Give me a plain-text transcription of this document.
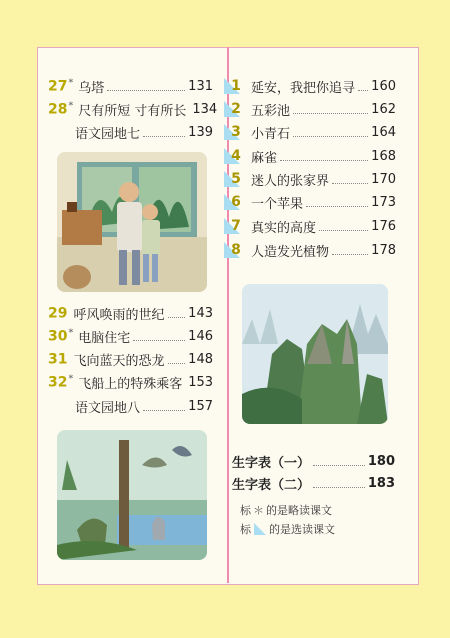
27* 乌塔	131
28* 尺有所短 寸有所长 134
语文园地七	139
29 呼风唤雨的世纪 143
30* 电脑住宅	146
31 飞向蓝天的恐龙 148
32* 飞船上的特殊乘客 153
语文园地八	157
1 延安，我把你追寻 160
2 五彩池	162
3 小青石	164
4 麻雀	168
5 迷人的张家界	170
6 一个苹果	173
7 真实的高度	176
8 人造发光植物	178
生字表（一）	180
生字表（二）	183
标 ＊ 的是略读课文
标 的是选读课文
